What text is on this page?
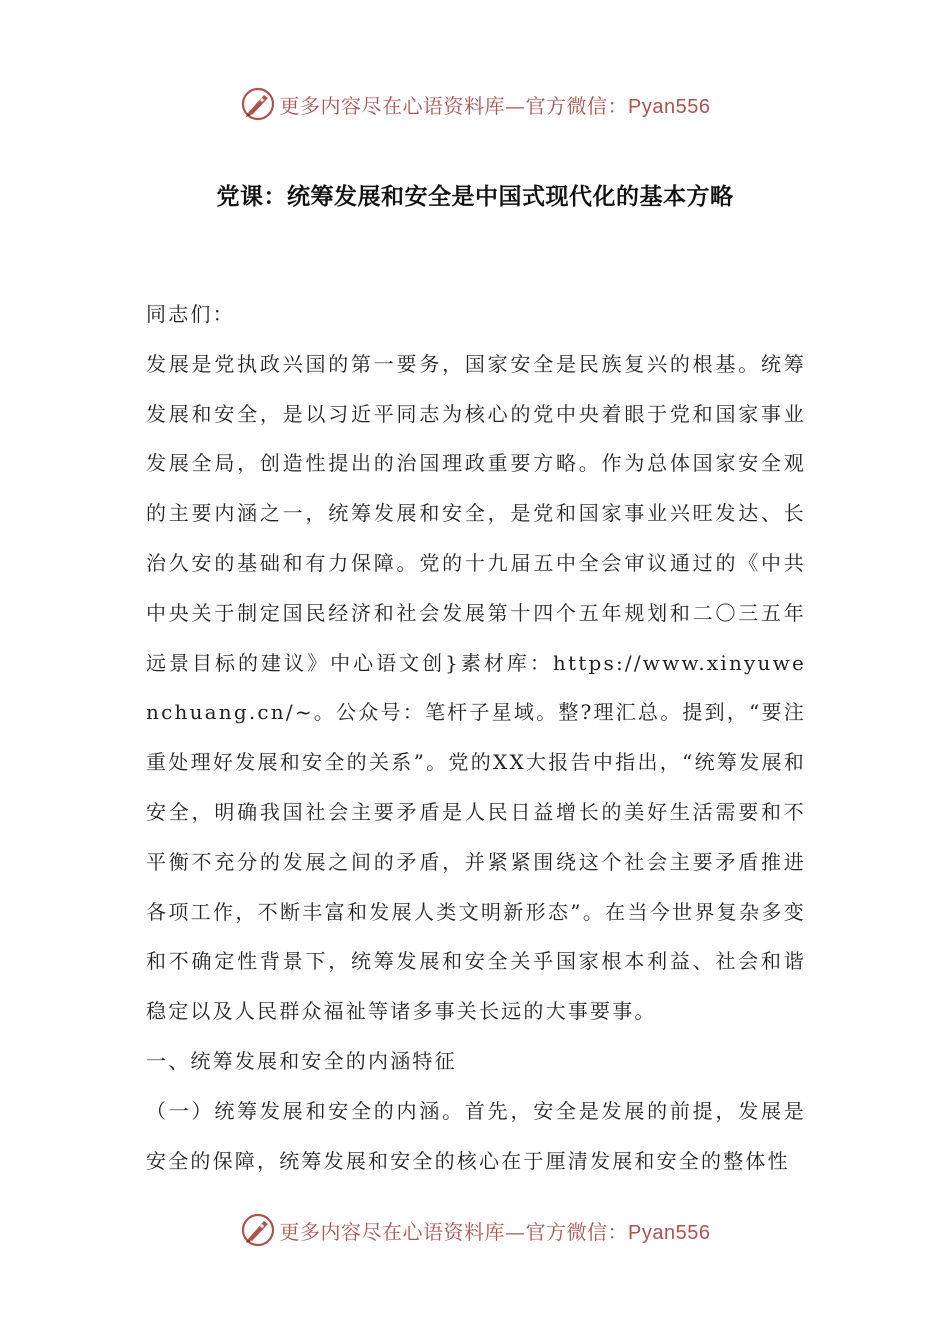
更多内容尽在心语资料库—官方微信：Pyan556
党课：统筹发展和安全是中国式现代化的基本方略

同志们：

发展是党执政兴国的第一要务，国家安全是民族复兴的根基。统筹发展和安全，是以习近平同志为核心的党中央着眼于党和国家事业发展全局，创造性提出的治国理政重要方略。作为总体国家安全观的主要内涵之一，统筹发展和安全，是党和国家事业兴旺发达、长治久安的基础和有力保障。党的十九届五中全会审议通过的《中共中央关于制定国民经济和社会发展第十四个五年规划和二〇三五年远景目标的建议》中心语文创}素材库：https://www.xinyuwenchuang.cn/~。公众号：笔杆子星域。整?理汇总。提到，“要注重处理好发展和安全的关系”。党的XX大报告中指出，“统筹发展和安全，明确我国社会主要矛盾是人民日益增长的美好生活需要和不平衡不充分的发展之间的矛盾，并紧紧围绕这个社会主要矛盾推进各项工作，不断丰富和发展人类文明新形态”。在当今世界复杂多变和不确定性背景下，统筹发展和安全关乎国家根本利益、社会和谐稳定以及人民群众福祉等诸多事关长远的大事要事。

一、统筹发展和安全的内涵特征

（一）统筹发展和安全的内涵。首先，安全是发展的前提，发展是安全的保障，统筹发展和安全的核心在于厘清发展和安全的整体性

更多内容尽在心语资料库—官方微信：Pyan556
